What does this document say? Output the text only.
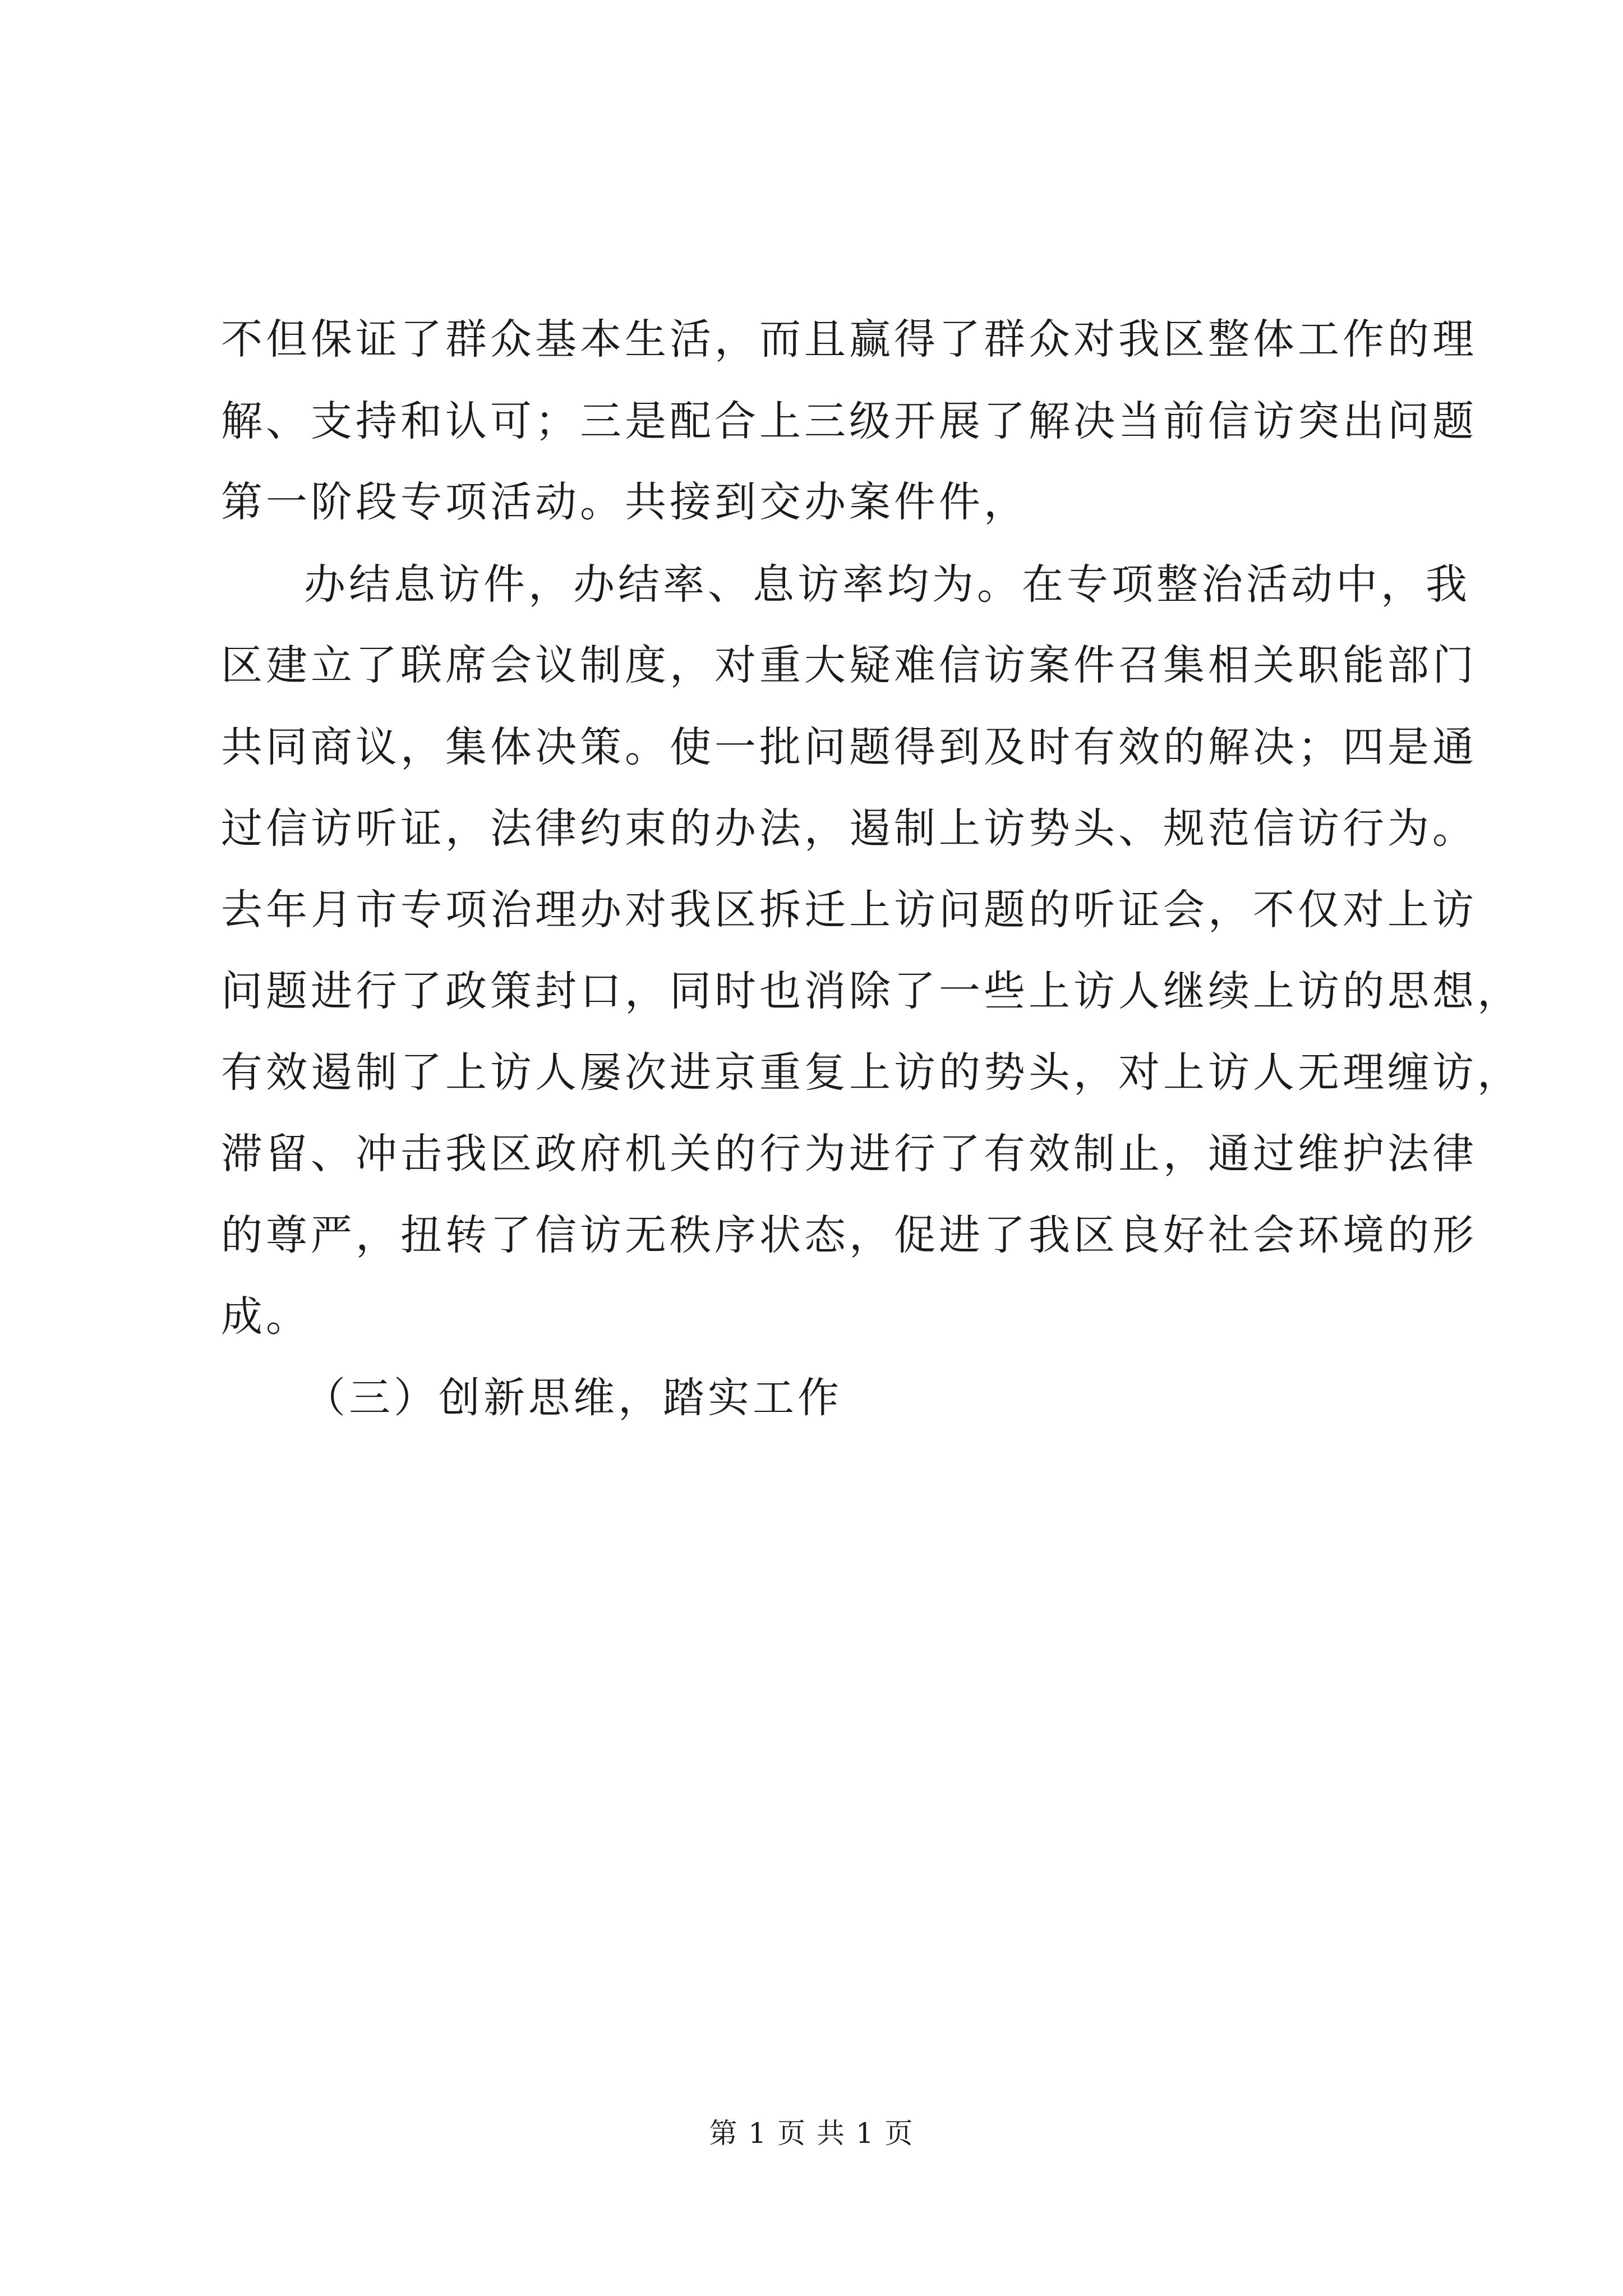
不但保证了群众基本生活，而且赢得了群众对我区整体工作的理
解、支持和认可；三是配合上三级开展了解决当前信访突出问题
第一阶段专项活动。共接到交办案件件，
办结息访件，办结率、息访率均为。在专项整治活动中，我
区建立了联席会议制度，对重大疑难信访案件召集相关职能部门
共同商议，集体决策。使一批问题得到及时有效的解决；四是通
过信访听证，法律约束的办法，遏制上访势头、规范信访行为。
去年月市专项治理办对我区拆迁上访问题的听证会，不仅对上访
问题进行了政策封口，同时也消除了一些上访人继续上访的思想，
有效遏制了上访人屡次进京重复上访的势头，对上访人无理缠访，
滞留、冲击我区政府机关的行为进行了有效制止，通过维护法律
的尊严，扭转了信访无秩序状态，促进了我区良好社会环境的形
成。
（三）创新思维，踏实工作
第 1 页 共 1 页
